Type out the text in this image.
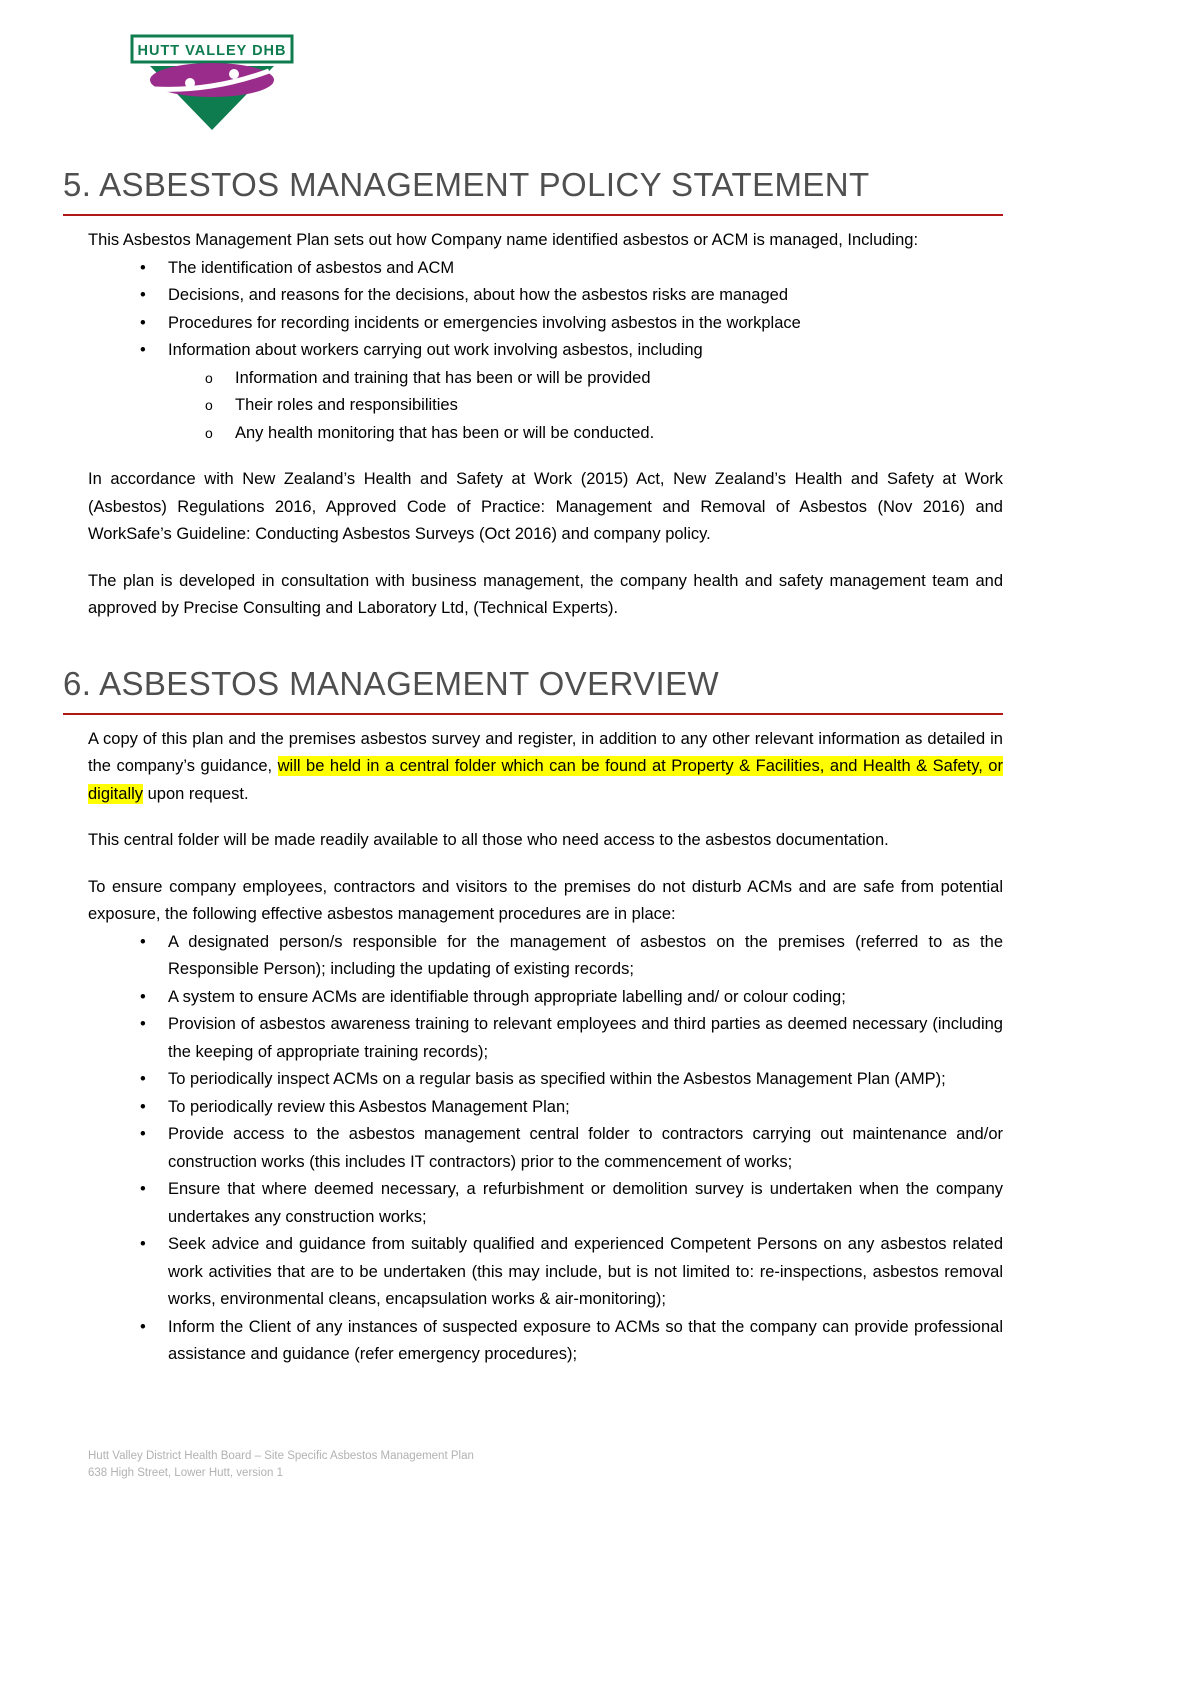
HUTT VALLEY DHB
5. ASBESTOS MANAGEMENT POLICY STATEMENT

This Asbestos Management Plan sets out how Company name identified asbestos or ACM is managed, Including:

• The identification of asbestos and ACM
• Decisions, and reasons for the decisions, about how the asbestos risks are managed
• Procedures for recording incidents or emergencies involving asbestos in the workplace
• Information about workers carrying out work involving asbestos, including
o Information and training that has been or will be provided
o Their roles and responsibilities
o Any health monitoring that has been or will be conducted.

In accordance with New Zealand’s Health and Safety at Work (2015) Act, New Zealand’s Health and Safety at Work (Asbestos) Regulations 2016, Approved Code of Practice: Management and Removal of Asbestos (Nov 2016) and WorkSafe’s Guideline: Conducting Asbestos Surveys (Oct 2016) and company policy.

The plan is developed in consultation with business management, the company health and safety management team and approved by Precise Consulting and Laboratory Ltd, (Technical Experts).

6. ASBESTOS MANAGEMENT OVERVIEW

A copy of this plan and the premises asbestos survey and register, in addition to any other relevant information as detailed in the company’s guidance, will be held in a central folder which can be found at Property & Facilities, and Health & Safety, or digitally upon request.

This central folder will be made readily available to all those who need access to the asbestos documentation.

To ensure company employees, contractors and visitors to the premises do not disturb ACMs and are safe from potential exposure, the following effective asbestos management procedures are in place:

• A designated person/s responsible for the management of asbestos on the premises (referred to as the Responsible Person); including the updating of existing records;
• A system to ensure ACMs are identifiable through appropriate labelling and/ or colour coding;
• Provision of asbestos awareness training to relevant employees and third parties as deemed necessary (including the keeping of appropriate training records);
• To periodically inspect ACMs on a regular basis as specified within the Asbestos Management Plan (AMP);
• To periodically review this Asbestos Management Plan;
• Provide access to the asbestos management central folder to contractors carrying out maintenance and/or construction works (this includes IT contractors) prior to the commencement of works;
• Ensure that where deemed necessary, a refurbishment or demolition survey is undertaken when the company undertakes any construction works;
• Seek advice and guidance from suitably qualified and experienced Competent Persons on any asbestos related work activities that are to be undertaken (this may include, but is not limited to: re-inspections, asbestos removal works, environmental cleans, encapsulation works & air-monitoring);
• Inform the Client of any instances of suspected exposure to ACMs so that the company can provide professional assistance and guidance (refer emergency procedures);
Hutt Valley District Health Board – Site Specific Asbestos Management Plan
638 High Street, Lower Hutt, version 1
